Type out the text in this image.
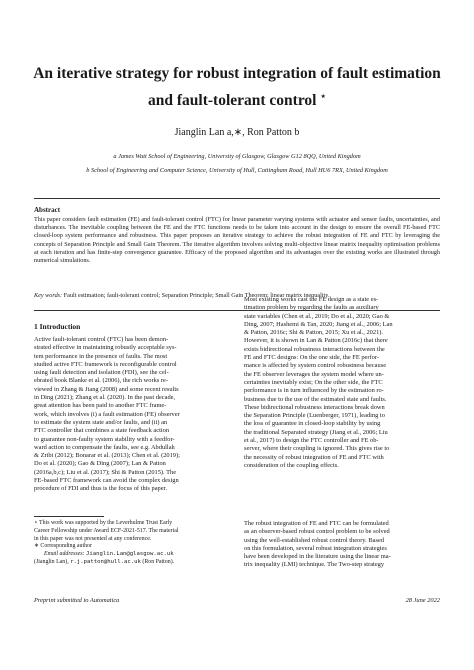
An iterative strategy for robust integration of fault estimation
and fault-tolerant control ⋆
Jianglin Lan a,∗, Ron Patton b
a James Watt School of Engineering, University of Glasgow, Glasgow G12 8QQ, United Kingdom
b School of Engineering and Computer Science, University of Hull, Cottingham Road, Hull HU6 7RX, United Kingdom
Abstract
This paper considers fault estimation (FE) and fault-tolerant control (FTC) for linear parameter varying systems with actuator and sensor faults, uncertainties, and disturbances. The inevitable coupling between the FE and the FTC functions needs to be taken into account in the design to ensure the overall FE-based FTC closed-loop system performance and robustness. This paper proposes an iterative strategy to achieve the robust integration of FE and FTC by leveraging the concepts of Separation Principle and Small Gain Theorem. The iterative algorithm involves solving multi-objective linear matrix inequality optimisation problems at each iteration and has finite-step convergence guarantee. Efficacy of the proposed algorithm and its advantages over the existing works are illustrated through numerical simulations.
Key words: Fault estimation; fault-tolerant control; Separation Principle; Small Gain Theorem; linear matrix inequality.
1 Introduction
Active fault-tolerant control (FTC) has been demon-
strated effective in maintaining robustly acceptable sys-
tem performance in the presence of faults. The most
studied active FTC framework is reconfigurable control
using fault detection and isolation (FDI), see the cel-
ebrated book Blanke et al. (2006), the rich works re-
viewed in Zhang & Jiang (2008) and some recent results
in Ding (2021); Zhang et al. (2020). In the past decade,
great attention has been paid to another FTC frame-
work, which involves (i) a fault estimation (FE) observer
to estimate the system state and/or faults, and (ii) an
FTC controller that combines a state feedback action
to guarantee non-faulty system stability with a feedfor-
ward action to compensate the faults, see e.g. Abdullah
& Zribi (2012); Bonarar et al. (2013); Chen et al. (2019);
Do et al. (2020); Gao & Ding (2007); Lan & Patton
(2016a,b,c); Liu et al. (2017); Shi & Patton (2015). The
FE-based FTC framework can avoid the complex design
procedure of FDI and thus is the focus of this paper.
Most existing works cast the FE design as a state es-
timation problem by regarding the faults as auxiliary
state variables (Chen et al., 2019; Do et al., 2020; Gao &
Ding, 2007; Hashemi & Tan, 2020; Jiang et al., 2006; Lan
& Patton, 2016c; Shi & Patton, 2015; Xu et al., 2021).
However, it is shown in Lan & Patton (2016c) that there
exists bidirectional robustness interactions between the
FE and FTC designs: On the one side, the FE perfor-
mance is affected by system control robustness because
the FE observer leverages the system model where un-
certainties inevitably exist; On the other side, the FTC
performance is in turn influenced by the estimation ro-
bustness due to the use of the estimated state and faults.
These bidirectional robustness interactions break down
the Separation Principle (Luenberger, 1971), leading to
the loss of guarantee in closed-loop stability by using
the traditional Separated strategy (Jiang et al., 2006; Liu
et al., 2017) to design the FTC controller and FE ob-
server, where their coupling is ignored. This gives rise to
the necessity of robust integration of FE and FTC with
consideration of the coupling effects.
The robust integration of FE and FTC can be formulated
as an observer-based robust control problem to be solved
using the well-established robust control theory. Based
on this formulation, several robust integration strategies
have been developed in the literature using the linear ma-
trix inequality (LMI) technique. The Two-step strategy
⋆ This work was supported by the Leverhulme Trust Early
Career Fellowship under Award ECF-2021-517. The material
in this paper was not presented at any conference.
∗ Corresponding author
Email addresses: Jianglin.Lan@glasgow.ac.uk
(Jianglin Lan), r.j.patton@hull.ac.uk (Ron Patton).
Preprint submitted to Automatica	28 June 2022
